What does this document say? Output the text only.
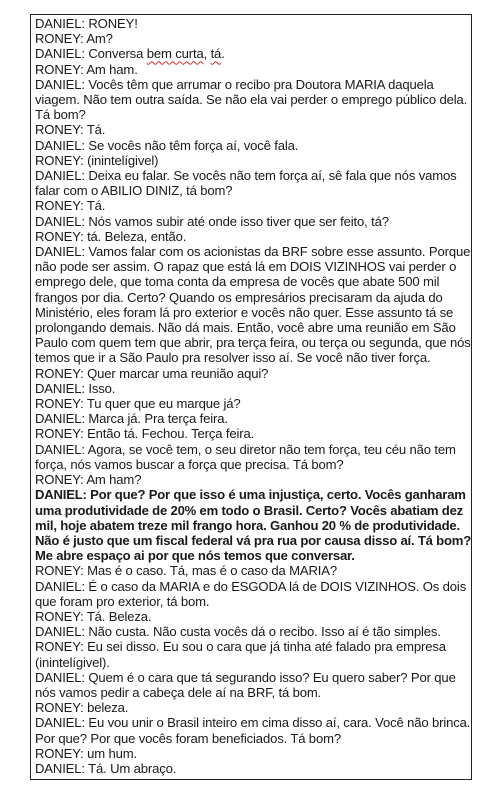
DANIEL: RONEY!

RONEY: Am?

DANIEL: Conversa bem curta, tá.

RONEY: Am ham.

DANIEL: Vocês têm que arrumar o recibo pra Doutora MARIA daquela viagem. Não tem outra saída. Se não ela vai perder o emprego público dela. Tá bom?

RONEY: Tá.

DANIEL: Se vocês não têm força aí, você fala.

RONEY: (inintelígivel)

DANIEL: Deixa eu falar. Se vocês não tem força aí, sê fala que nós vamos falar com o ABILIO DINIZ, tá bom?

RONEY: Tá.

DANIEL: Nós vamos subir até onde isso tiver que ser feito, tá?

RONEY: tá. Beleza, então.

DANIEL: Vamos falar com os acionistas da BRF sobre esse assunto. Porque não pode ser assim. O rapaz que está lá em DOIS VIZINHOS vai perder o emprego dele, que toma conta da empresa de vocês que abate 500 mil frangos por dia. Certo? Quando os empresários precisaram da ajuda do Ministério, eles foram lá pro exterior e vocês não quer. Esse assunto tá se prolongando demais. Não dá mais. Então, você abre uma reunião em São Paulo com quem tem que abrir, pra terça feira, ou terça ou segunda, que nós temos que ir a São Paulo pra resolver isso aí. Se você não tiver força.

RONEY: Quer marcar uma reunião aqui?

DANIEL: Isso.

RONEY: Tu quer que eu marque já?

DANIEL: Marca já. Pra terça feira.

RONEY: Então tá. Fechou. Terça feira.

DANIEL: Agora, se você tem, o seu diretor não tem força, teu céu não tem força, nós vamos buscar a força que precisa. Tá bom?

RONEY: Am ham?

DANIEL: Por que? Por que isso é uma injustiça, certo. Vocês ganharam uma produtividade de 20% em todo o Brasil. Certo? Vocês abatiam dez mil, hoje abatem treze mil frango hora. Ganhou 20 % de produtividade. Não é justo que um fiscal federal vá pra rua por causa disso aí. Tá bom? Me abre espaço ai por que nós temos que conversar.

RONEY: Mas é o caso. Tá, mas é o caso da MARIA?

DANIEL: É o caso da MARIA e do ESGODA lá de DOIS VIZINHOS. Os dois que foram pro exterior, tá bom.

RONEY: Tá. Beleza.

DANIEL: Não custa. Não custa vocês dá o recibo. Isso aí é tão simples.

RONEY: Eu sei disso. Eu sou o cara que já tinha até falado pra empresa (inintelígivel).

DANIEL: Quem é o cara que tá segurando isso? Eu quero saber? Por que nós vamos pedir a cabeça dele aí na BRF, tá bom.

RONEY: beleza.

DANIEL: Eu vou unir o Brasil inteiro em cima disso aí, cara. Você não brinca. Por que? Por que vocês foram beneficiados. Tá bom?

RONEY: um hum.

DANIEL: Tá. Um abraço.
